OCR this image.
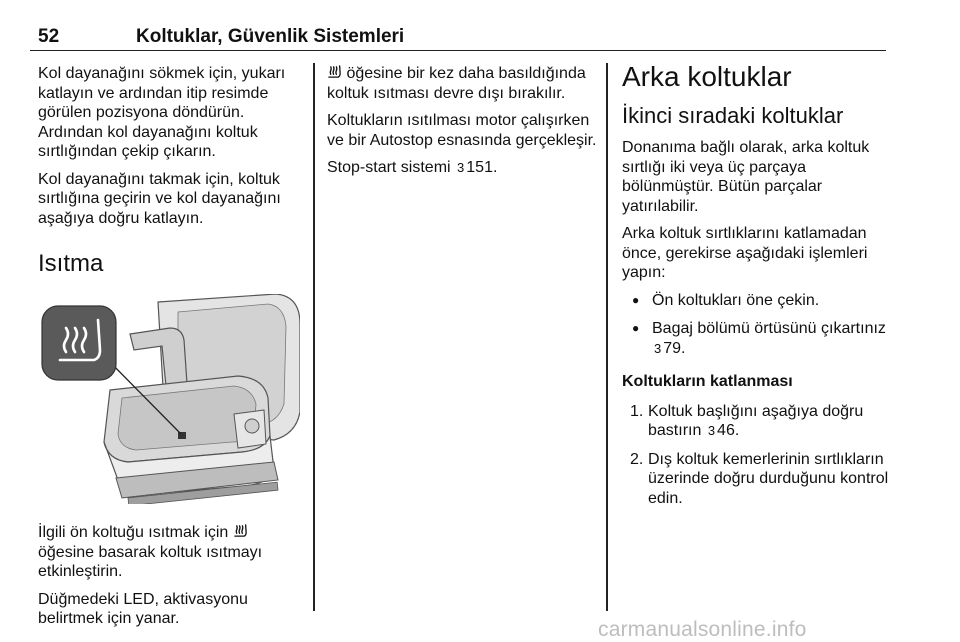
52	Koltuklar, Güvenlik Sistemleri

Kol dayanağını sökmek için, yukarı katlayın ve ardından itip resimde görülen pozisyona döndürün. Ardından kol dayanağını koltuk sırtlığından çekip çıkarın.

Kol dayanağını takmak için, koltuk sırtlığına geçirin ve kol dayanağını aşağıya doğru katlayın.

Isıtma

İlgili ön koltuğu ısıtmak için  öğesine basarak koltuk ısıtmayı etkinleştirin.

Düğmedeki LED, aktivasyonu belirtmek için yanar.

öğesine bir kez daha basıldığında koltuk ısıtması devre dışı bırakılır.

Koltukların ısıtılması motor çalışırken ve bir Autostop esnasında gerçekleşir.

Stop-start sistemi 3 151.

Arka koltuklar
İkinci sıradaki koltuklar

Donanıma bağlı olarak, arka koltuk sırtlığı iki veya üç parçaya bölünmüştür. Bütün parçalar yatırılabilir.

Arka koltuk sırtlıklarını katlamadan önce, gerekirse aşağıdaki işlemleri yapın:

● Ön koltukları öne çekin.
● Bagaj bölümü örtüsünü çıkartınız
3 79.
Koltukların katlanması
1. Koltuk başlığını aşağıya doğru bastırın 3 46.
2. Dış koltuk kemerlerinin sırtlıkların üzerinde doğru durduğunu kontrol edin.
carmanualsonline.info
